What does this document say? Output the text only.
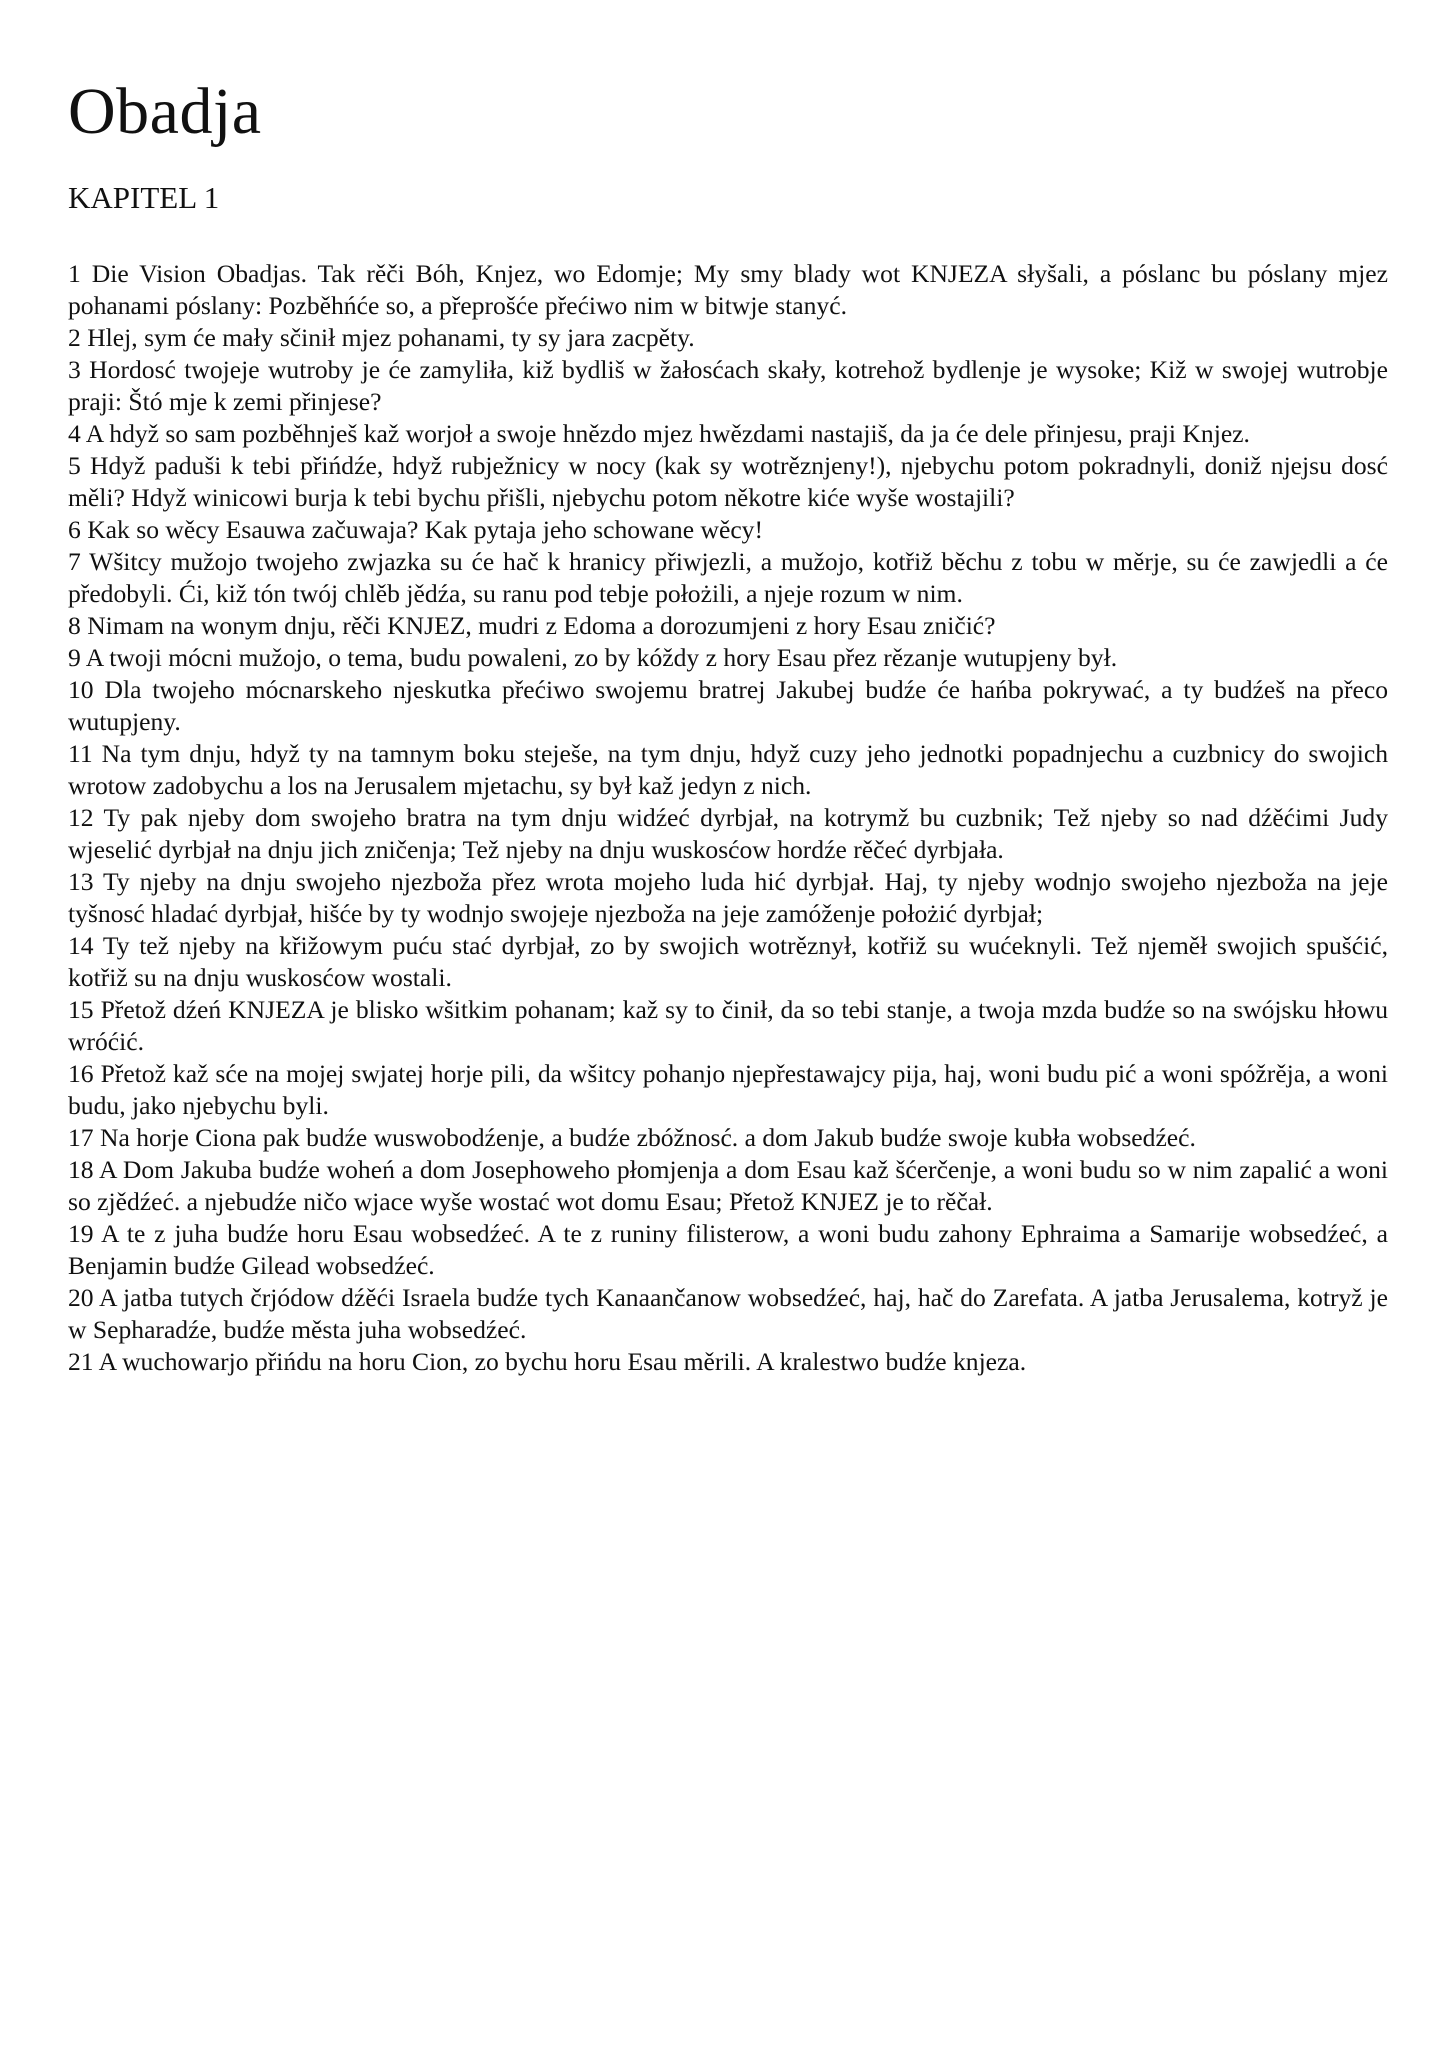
Obadja
KAPITEL 1

1 Die Vision Obadjas. Tak rěči Bóh, Knjez, wo Edomje; My smy blady wot KNJEZA słyšali, a póslanc bu póslany mjez pohanami póslany: Pozběhńće so, a přeprošće přećiwo nim w bitwje stanyć.

2 Hlej, sym će mały sčinił mjez pohanami, ty sy jara zacpěty.

3 Hordosć twojeje wutroby je će zamyliła, kiž bydliš w žałosćach skały, kotrehož bydlenje je wysoke; Kiž w swojej wutrobje praji: Štó mje k zemi přinjese?

4 A hdyž so sam pozběhnješ kaž worjoł a swoje hnězdo mjez hwězdami nastajiš, da ja će dele přinjesu, praji Knjez.

5 Hdyž paduši k tebi přińdźe, hdyž rubježnicy w nocy (kak sy wotrěznjeny!), njebychu potom pokradnyli, doniž njejsu dosć měli? Hdyž winicowi burja k tebi bychu přišli, njebychu potom někotre kiće wyše wostajili?

6 Kak so wěcy Esauwa začuwaja? Kak pytaja jeho schowane wěcy!

7 Wšitcy mužojo twojeho zwjazka su će hač k hranicy přiwjezli, a mužojo, kotřiž běchu z tobu w měrje, su će zawjedli a će předobyli. Ći, kiž tón twój chlěb jědźa, su ranu pod tebje położili, a njeje rozum w nim.

8 Nimam na wonym dnju, rěči KNJEZ, mudri z Edoma a dorozumjeni z hory Esau zničić?

9 A twoji mócni mužojo, o tema, budu powaleni, zo by kóždy z hory Esau přez rězanje wutupjeny był.

10 Dla twojeho mócnarskeho njeskutka přećiwo swojemu bratrej Jakubej budźe će hańba pokrywać, a ty budźeš na přeco wutupjeny.

11 Na tym dnju, hdyž ty na tamnym boku steješe, na tym dnju, hdyž cuzy jeho jednotki popadnjechu a cuzbnicy do swojich wrotow zadobychu a los na Jerusalem mjetachu, sy był kaž jedyn z nich.

12 Ty pak njeby dom swojeho bratra na tym dnju widźeć dyrbjał, na kotrymž bu cuzbnik; Tež njeby so nad dźěćimi Judy wjeselić dyrbjał na dnju jich zničenja; Tež njeby na dnju wuskosćow hordźe rěčeć dyrbjała.

13 Ty njeby na dnju swojeho njezboža přez wrota mojeho luda hić dyrbjał. Haj, ty njeby wodnjo swojeho njezboža na jeje tyšnosć hladać dyrbjał, hišće by ty wodnjo swojeje njezboža na jeje zamóženje położić dyrbjał;

14 Ty tež njeby na křižowym puću stać dyrbjał, zo by swojich wotrěznył, kotřiž su wućeknyli. Tež njeměł swojich spušćić, kotřiž su na dnju wuskosćow wostali.

15 Přetož dźeń KNJEZA je blisko wšitkim pohanam; kaž sy to činił, da so tebi stanje, a twoja mzda budźe so na swójsku hłowu wróćić.

16 Přetož kaž sće na mojej swjatej horje pili, da wšitcy pohanjo njepřestawajcy pija, haj, woni budu pić a woni spóžrěja, a woni budu, jako njebychu byli.

17 Na horje Ciona pak budźe wuswobodźenje, a budźe zbóžnosć. a dom Jakub budźe swoje kubła wobsedźeć.

18 A Dom Jakuba budźe woheń a dom Josephoweho płomjenja a dom Esau kaž šćerčenje, a woni budu so w nim zapalić a woni so zjědźeć. a njebudźe ničo wjace wyše wostać wot domu Esau; Přetož KNJEZ je to rěčał.

19 A te z juha budźe horu Esau wobsedźeć. A te z runiny filisterow, a woni budu zahony Ephraima a Samarije wobsedźeć, a Benjamin budźe Gilead wobsedźeć.

20 A jatba tutych črjódow dźěći Israela budźe tych Kanaančanow wobsedźeć, haj, hač do Zarefata. A jatba Jerusalema, kotryž je w Sepharadźe, budźe města juha wobsedźeć.

21 A wuchowarjo přińdu na horu Cion, zo bychu horu Esau měrili. A kralestwo budźe knjeza.
